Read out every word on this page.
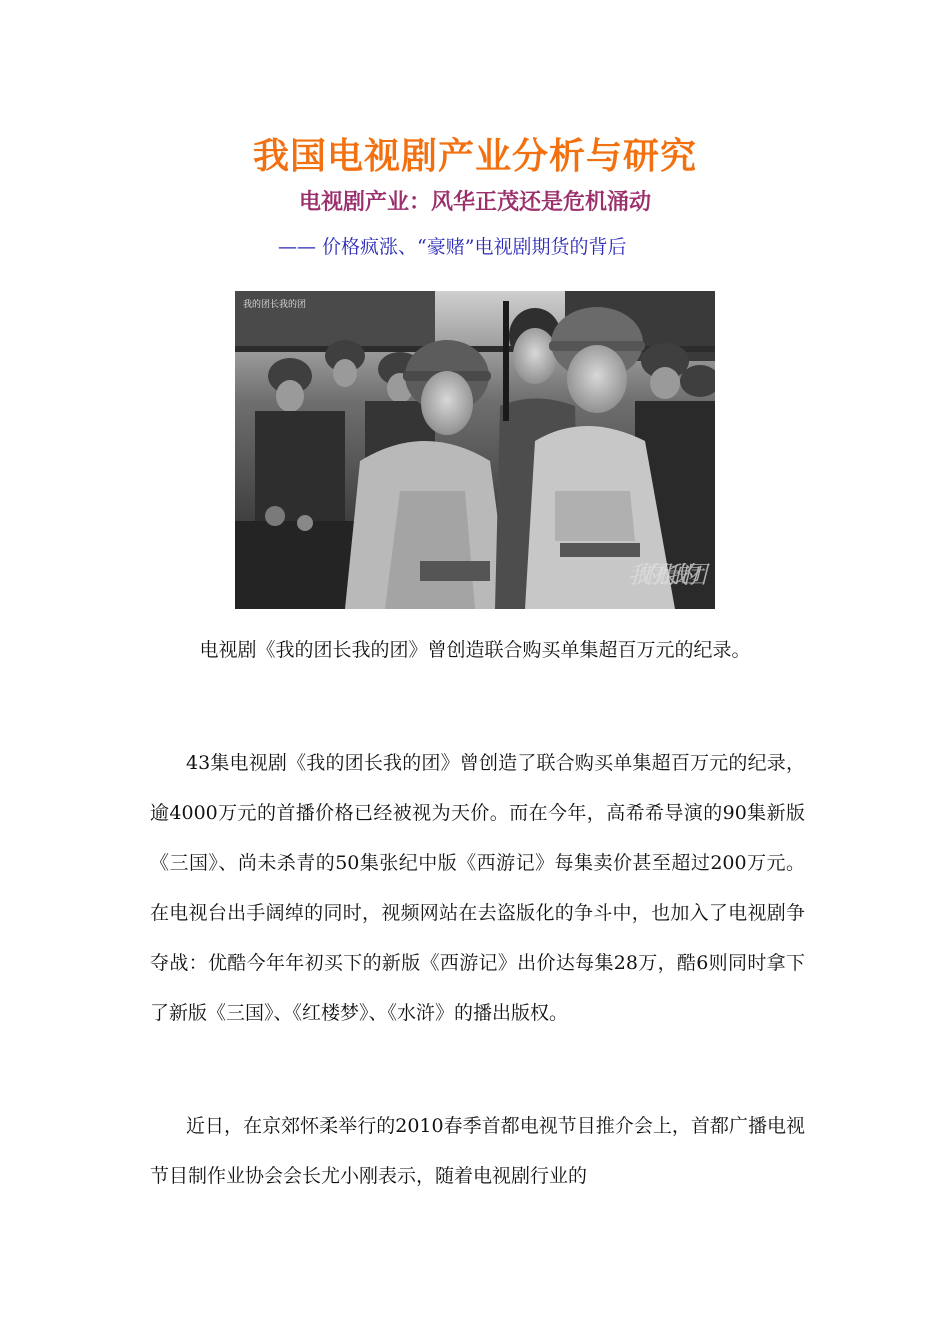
我国电视剧产业分析与研究
电视剧产业：风华正茂还是危机涌动

—— 价格疯涨、“豪赌”电视剧期货的背后

我的团长我的团
我的团长我的团

电视剧《我的团长我的团》曾创造联合购买单集超百万元的纪录。

43集电视剧《我的团长我的团》曾创造了联合购买单集超百万元的纪录，逾4000万元的首播价格已经被视为天价。而在今年，高希希导演的90集新版《三国》、尚未杀青的50集张纪中版《西游记》每集卖价甚至超过200万元。在电视台出手阔绰的同时，视频网站在去盗版化的争斗中，也加入了电视剧争夺战：优酷今年年初买下的新版《西游记》出价达每集28万，酷6则同时拿下了新版《三国》、《红楼梦》、《水浒》的播出版权。

近日，在京郊怀柔举行的2010春季首都电视节目推介会上，首都广播电视节目制作业协会会长尤小刚表示，随着电视剧行业的
